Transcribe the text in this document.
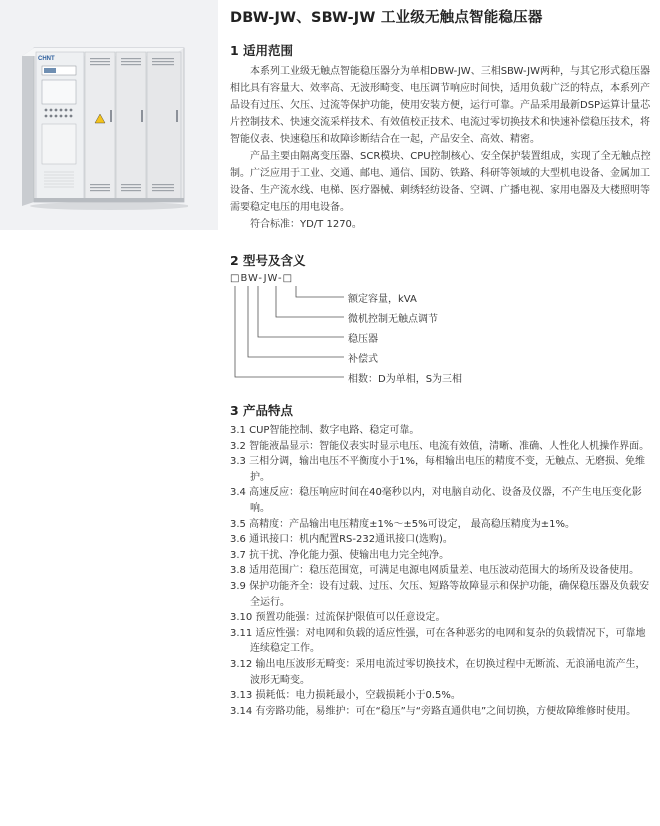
CHNT
DBW-JW、SBW-JW 工业级无触点智能稳压器
1 适用范围

本系列工业级无触点智能稳压器分为单相DBW-JW、三相SBW-JW两种，与其它形式稳压器相比具有容量大、效率高、无波形畸变、电压调节响应时间快，适用负载广泛的特点，本系列产品设有过压、欠压、过流等保护功能，使用安装方便，运行可靠。产品采用最新DSP运算计量芯片控制技术、快速交流采样技术、有效值校正技术、电流过零切换技术和快速补偿稳压技术，将智能仪表、快速稳压和故障诊断结合在一起，产品安全、高效、精密。

产品主要由隔离变压器、SCR模块、CPU控制核心、安全保护装置组成，实现了全无触点控制。广泛应用于工业、交通、邮电、通信、国防、铁路、科研等领域的大型机电设备、金属加工设备、生产流水线、电梯、医疗器械、刺绣轻纺设备、空调、广播电视、家用电器及大楼照明等需要稳定电压的用电设备。

符合标准：YD/T 1270。

2 型号及含义
□BW-JW-□
额定容量，kVA
微机控制无触点调节
稳压器
补偿式
相数：D为单相，S为三相
3 产品特点

3.1 CUP智能控制、数字电路、稳定可靠。

3.2 智能液晶显示：智能仪表实时显示电压、电流有效值，清晰、准确、人性化人机操作界面。

3.3 三相分调，输出电压不平衡度小于1%，每相输出电压的精度不变，无触点、无磨损、免维护。

3.4 高速反应：稳压响应时间在40毫秒以内，对电脑自动化、设备及仪器，不产生电压变化影响。

3.5 高精度：产品输出电压精度±1%～±5%可设定， 最高稳压精度为±1%。

3.6 通讯接口：机内配置RS-232通讯接口(选购)。

3.7 抗干扰、净化能力强、使输出电力完全纯净。

3.8 适用范围广：稳压范围宽，可满足电源电网质量差、电压波动范围大的场所及设备使用。

3.9 保护功能齐全：设有过载、过压、欠压、短路等故障显示和保护功能，确保稳压器及负载安全运行。

3.10 预置功能强：过流保护限值可以任意设定。

3.11 适应性强：对电网和负载的适应性强，可在各种恶劣的电网和复杂的负载情况下，可靠地连续稳定工作。

3.12 输出电压波形无畸变：采用电流过零切换技术，在切换过程中无断流、无浪涌电流产生，波形无畸变。

3.13 损耗低：电力损耗最小，空载损耗小于0.5%。

3.14 有旁路功能，易维护：可在“稳压”与“旁路直通供电”之间切换，方便故障维修时使用。
